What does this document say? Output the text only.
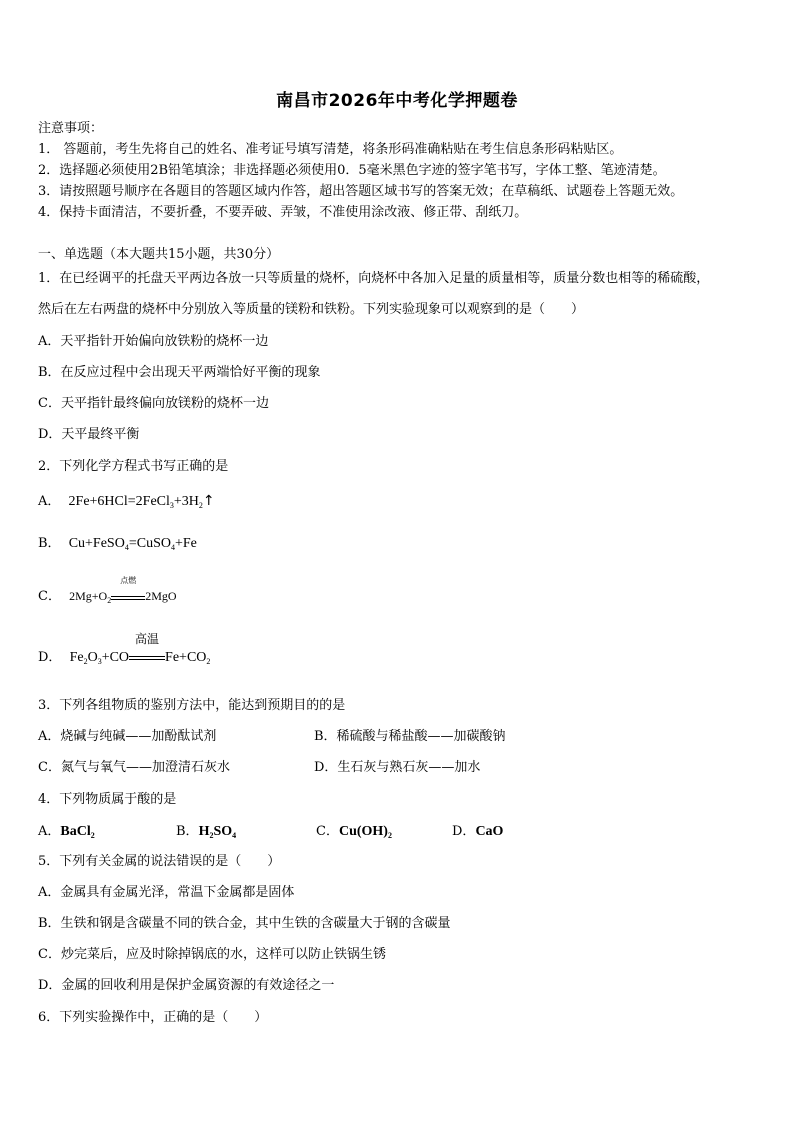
南昌市2026年中考化学押题卷
注意事项：
1． 答题前，考生先将自己的姓名、准考证号填写清楚，将条形码准确粘贴在考生信息条形码粘贴区。
2．选择题必须使用2B铅笔填涂；非选择题必须使用0．5毫米黑色字迹的签字笔书写，字体工整、笔迹清楚。
3．请按照题号顺序在各题目的答题区域内作答，超出答题区域书写的答案无效；在草稿纸、试题卷上答题无效。
4．保持卡面清洁，不要折叠，不要弄破、弄皱，不准使用涂改液、修正带、刮纸刀。
一、单选题（本大题共15小题，共30分）
1．在已经调平的托盘天平两边各放一只等质量的烧杯，向烧杯中各加入足量的质量相等，质量分数也相等的稀硫酸，
然后在左右两盘的烧杯中分别放入等质量的镁粉和铁粉。下列实验现象可以观察到的是（　　）
A．天平指针开始偏向放铁粉的烧杯一边
B．在反应过程中会出现天平两端恰好平衡的现象
C．天平指针最终偏向放镁粉的烧杯一边
D．天平最终平衡
2．下列化学方程式书写正确的是
A． $2Fe+6HCl=2FeCl_3+3H_2↑$
B． Cu+FeSO$_4$=CuSO$_4$+Fe
C． $2Mg+O_2$
点燃
2MgO
D． $Fe_2O_3+CO$
高温
$Fe+CO_2$
3．下列各组物质的鉴别方法中，能达到预期目的的是
A．烧碱与纯碱——加酚酞试剂	B．稀硫酸与稀盐酸——加碳酸钠
C．氮气与氧气——加澄清石灰水	D．生石灰与熟石灰——加水
4．下列物质属于酸的是
A．BaCl$_2$	B．$H_2SO_4$	C．$Cu(OH)_2$	D．CaO
5．下列有关金属的说法错误的是（　　）
A．金属具有金属光泽，常温下金属都是固体
B．生铁和钢是含碳量不同的铁合金，其中生铁的含碳量大于钢的含碳量
C．炒完菜后，应及时除掉锅底的水，这样可以防止铁锅生锈
D．金属的回收利用是保护金属资源的有效途径之一
6．下列实验操作中，正确的是（　　）
